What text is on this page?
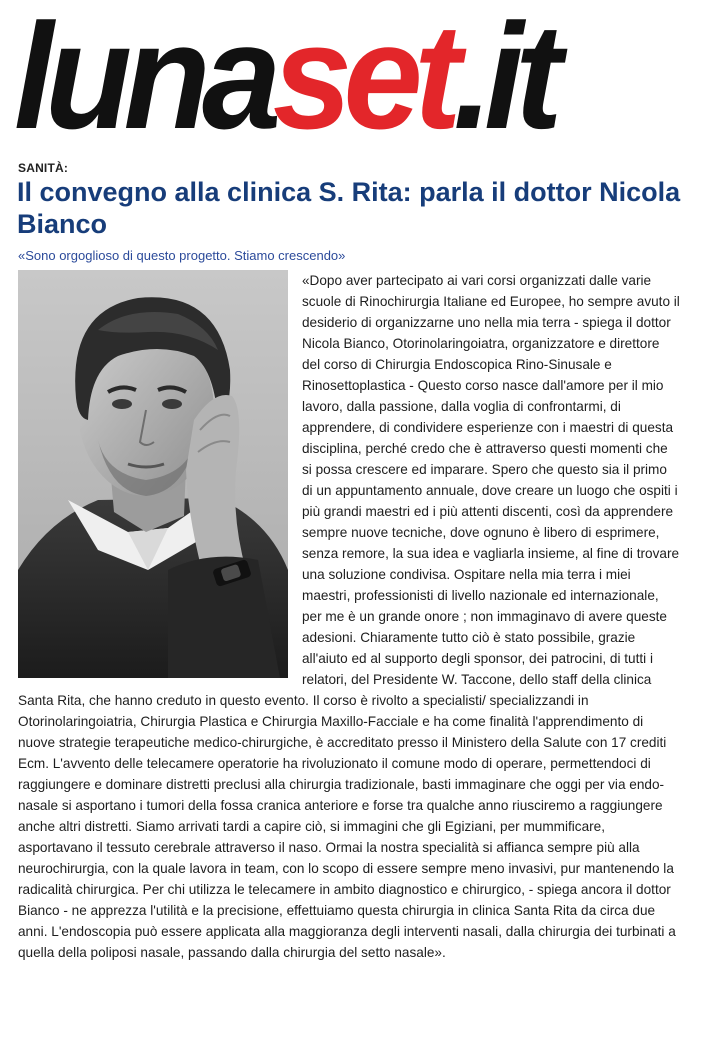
lunaset.it
SANITÀ:
Il convegno alla clinica S. Rita: parla il dottor Nicola Bianco
«Sono orgoglioso di questo progetto. Stiamo crescendo»

«Dopo aver partecipato ai vari corsi organizzati dalle varie scuole di Rinochirurgia Italiane ed Europee, ho sempre avuto il desiderio di organizzarne uno nella mia terra - spiega il dottor Nicola Bianco, Otorinolaringoiatra, organizzatore e direttore del corso di Chirurgia Endoscopica Rino-Sinusale e Rinosettoplastica - Questo corso nasce dall'amore per il mio lavoro, dalla passione, dalla voglia di confrontarmi, di apprendere, di condividere esperienze con i maestri di questa disciplina, perché credo che è attraverso questi momenti che si possa crescere ed imparare. Spero che questo sia il primo di un appuntamento annuale, dove creare un luogo che ospiti i più grandi maestri ed i più attenti discenti, così da apprendere sempre nuove tecniche, dove ognuno è libero di esprimere, senza remore, la sua idea e vagliarla insieme, al fine di trovare una soluzione condivisa. Ospitare nella mia terra i miei maestri, professionisti di livello nazionale ed internazionale, per me è un grande onore ; non immaginavo di avere queste adesioni. Chiaramente tutto ciò è stato possibile, grazie all'aiuto ed al supporto degli sponsor, dei patrocini, di tutti i relatori, del Presidente W. Taccone, dello staff della clinica Santa Rita, che hanno creduto in questo evento. Il corso è rivolto a specialisti/ specializzandi in Otorinolaringoiatria, Chirurgia Plastica e Chirurgia Maxillo-Facciale e ha come finalità l'apprendimento di nuove strategie terapeutiche medico-chirurgiche, è accreditato presso il Ministero della Salute con 17 crediti Ecm. L'avvento delle telecamere operatorie ha rivoluzionato il comune modo di operare, permettendoci di raggiungere e dominare distretti preclusi alla chirurgia tradizionale, basti immaginare che oggi per via endo-nasale si asportano i tumori della fossa cranica anteriore e forse tra qualche anno riusciremo a raggiungere anche altri distretti. Siamo arrivati tardi a capire ciò, si immagini che gli Egiziani, per mummificare, asportavano il tessuto cerebrale attraverso il naso. Ormai la nostra specialità si affianca sempre più alla neurochirurgia, con la quale lavora in team, con lo scopo di essere sempre meno invasivi, pur mantenendo la radicalità chirurgica. Per chi utilizza le telecamere in ambito diagnostico e chirurgico, - spiega ancora il dottor Bianco - ne apprezza l'utilità e la precisione, effettuiamo questa chirurgia in clinica Santa Rita da circa due anni. L'endoscopia può essere applicata alla maggioranza degli interventi nasali, dalla chirurgia dei turbinati a quella della poliposi nasale, passando dalla chirurgia del setto nasale».
